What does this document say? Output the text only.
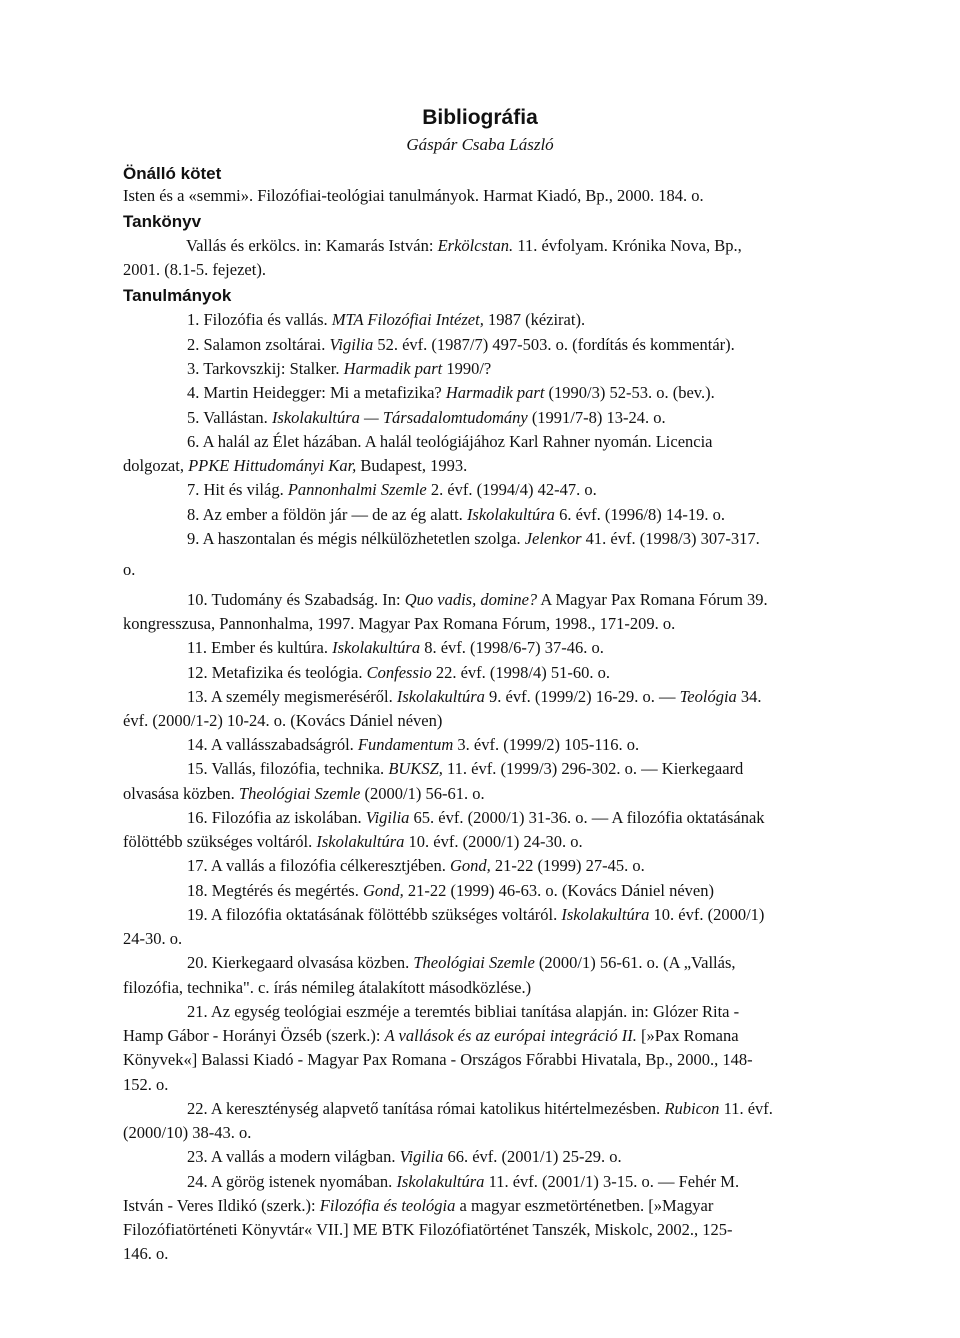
Bibliográfia
Gáspár Csaba László
Önálló kötet
Tankönyv
Tanulmányok
Isten és a «semmi». Filozófiai-teológiai tanulmányok. Harmat Kiadó, Bp., 2000. 184. o.
Vallás és erkölcs. in: Kamarás István: Erkölcstan. 11. évfolyam. Krónika Nova, Bp.,
2001. (8.1-5. fejezet).
1. Filozófia és vallás. MTA Filozófiai Intézet, 1987 (kézirat).
2. Salamon zsoltárai. Vigilia 52. évf. (1987/7) 497-503. o. (fordítás és kommentár).
3. Tarkovszkij: Stalker. Harmadik part 1990/?
4. Martin Heidegger: Mi a metafizika? Harmadik part (1990/3) 52-53. o. (bev.).
5. Vallástan. Iskolakultúra — Társadalomtudomány (1991/7-8) 13-24. o.
6. A halál az Élet házában. A halál teológiájához Karl Rahner nyomán. Licencia
dolgozat, PPKE Hittudományi Kar, Budapest, 1993.
7. Hit és világ. Pannonhalmi Szemle 2. évf. (1994/4) 42-47. o.
8. Az ember a földön jár — de az ég alatt. Iskolakultúra 6. évf. (1996/8) 14-19. o.
9. A haszontalan és mégis nélkülözhetetlen szolga. Jelenkor 41. évf. (1998/3) 307-317.
o.
10. Tudomány és Szabadság. In: Quo vadis, domine? A Magyar Pax Romana Fórum 39.
kongresszusa, Pannonhalma, 1997. Magyar Pax Romana Fórum, 1998., 171-209. o.
11. Ember és kultúra. Iskolakultúra 8. évf. (1998/6-7) 37-46. o.
12. Metafizika és teológia. Confessio 22. évf. (1998/4) 51-60. o.
13. A személy megismeréséről. Iskolakultúra 9. évf. (1999/2) 16-29. o. — Teológia 34.
évf. (2000/1-2) 10-24. o. (Kovács Dániel néven)
14. A vallásszabadságról. Fundamentum 3. évf. (1999/2) 105-116. o.
15. Vallás, filozófia, technika. BUKSZ, 11. évf. (1999/3) 296-302. o. — Kierkegaard
olvasása közben. Theológiai Szemle (2000/1) 56-61. o.
16. Filozófia az iskolában. Vigilia 65. évf. (2000/1) 31-36. o. — A filozófia oktatásának
fölöttébb szükséges voltáról. Iskolakultúra 10. évf. (2000/1) 24-30. o.
17. A vallás a filozófia célkeresztjében. Gond, 21-22 (1999) 27-45. o.
18. Megtérés és megértés. Gond, 21-22 (1999) 46-63. o. (Kovács Dániel néven)
19. A filozófia oktatásának fölöttébb szükséges voltáról. Iskolakultúra 10. évf. (2000/1)
24-30. o.
20. Kierkegaard olvasása közben. Theológiai Szemle (2000/1) 56-61. o. (A „Vallás,
filozófia, technika". c. írás némileg átalakított másodközlése.)
21. Az egység teológiai eszméje a teremtés bibliai tanítása alapján. in: Glózer Rita -
Hamp Gábor - Horányi Özséb (szerk.): A vallások és az európai integráció II. [»Pax Romana
Könyvek«] Balassi Kiadó - Magyar Pax Romana - Országos Főrabbi Hivatala, Bp., 2000., 148-
152. o.
22. A kereszténység alapvető tanítása római katolikus hitértelmezésben. Rubicon 11. évf.
(2000/10) 38-43. o.
23. A vallás a modern világban. Vigilia 66. évf. (2001/1) 25-29. o.
24. A görög istenek nyomában. Iskolakultúra 11. évf. (2001/1) 3-15. o. — Fehér M.
István - Veres Ildikó (szerk.): Filozófia és teológia a magyar eszmetörténetben. [»Magyar
Filozófiatörténeti Könyvtár« VII.] ME BTK Filozófiatörténet Tanszék, Miskolc, 2002., 125-
146. o.
